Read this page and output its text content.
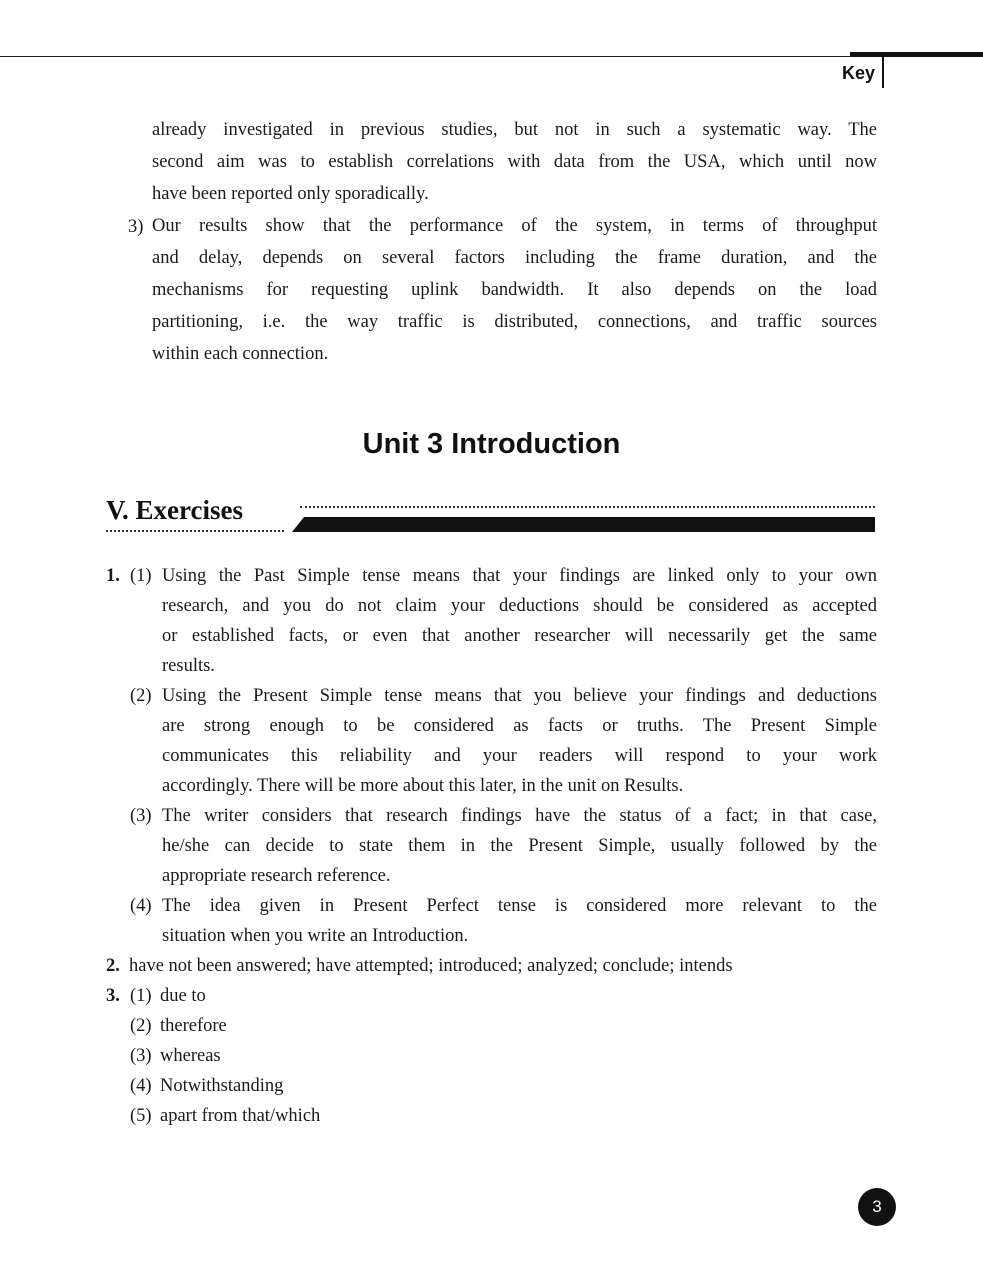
Key
already investigated in previous studies, but not in such a systematic way. The
second aim was to establish correlations with data from the USA, which until now
have been reported only sporadically.
3) Our results show that the performance of the system, in terms of throughput
and delay, depends on several factors including the frame duration, and the
mechanisms for requesting uplink bandwidth. It also depends on the load
partitioning, i.e. the way traffic is distributed, connections, and traffic sources
within each connection.
Unit 3 Introduction
V. Exercises
1. (1) Using the Past Simple tense means that your findings are linked only to your own
research, and you do not claim your deductions should be considered as accepted
or established facts, or even that another researcher will necessarily get the same
results.
(2) Using the Present Simple tense means that you believe your findings and deductions
are strong enough to be considered as facts or truths. The Present Simple
communicates this reliability and your readers will respond to your work
accordingly. There will be more about this later, in the unit on Results.
(3) The writer considers that research findings have the status of a fact; in that case,
he/she can decide to state them in the Present Simple, usually followed by the
appropriate research reference.
(4) The idea given in Present Perfect tense is considered more relevant to the
situation when you write an Introduction.
2. have not been answered; have attempted; introduced; analyzed; conclude; intends
3. (1) due to
(2) therefore
(3) whereas
(4) Notwithstanding
(5) apart from that/which
3
